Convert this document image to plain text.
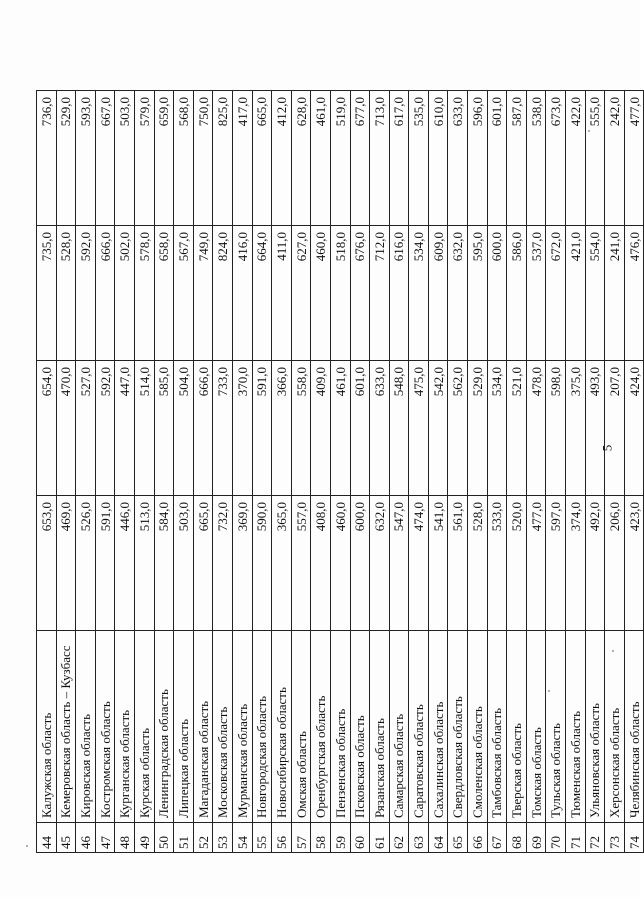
44	Калужская область	653,0	654,0	735,0	736,0
45	Кемеровская область – Кузбасс	469,0	470,0	528,0	529,0
46	Кировская область	526,0	527,0	592,0	593,0
47	Костромская область	591,0	592,0	666,0	667,0
48	Курганская область	446,0	447,0	502,0	503,0
49	Курская область	513,0	514,0	578,0	579,0
50	Ленинградская область	584,0	585,0	658,0	659,0
51	Липецкая область	503,0	504,0	567,0	568,0
52	Магаданская область	665,0	666,0	749,0	750,0
53	Московская область	732,0	733,0	824,0	825,0
54	Мурманская область	369,0	370,0	416,0	417,0
55	Новгородская область	590,0	591,0	664,0	665,0
56	Новосибирская область	365,0	366,0	411,0	412,0
57	Омская область	557,0	558,0	627,0	628,0
58	Оренбургская область	408,0	409,0	460,0	461,0
59	Пензенская область	460,0	461,0	518,0	519,0
60	Псковская область	600,0	601,0	676,0	677,0
61	Рязанская область	632,0	633,0	712,0	713,0
62	Самарская область	547,0	548,0	616,0	617,0
63	Саратовская область	474,0	475,0	534,0	535,0
64	Сахалинская область	541,0	542,0	609,0	610,0
65	Свердловская область	561,0	562,0	632,0	633,0
66	Смоленская область	528,0	529,0	595,0	596,0
67	Тамбовская область	533,0	534,0	600,0	601,0
68	Тверская область	520,0	521,0	586,0	587,0
69	Томская область	477,0	478,0	537,0	538,0
70	Тульская область	597,0	598,0	672,0	673,0
71	Тюменская область	374,0	375,0	421,0	422,0
72	Ульяновская область	492,0	493,0	554,0	555,0
73	Херсонская область	206,0	207,0	241,0	242,0
74	Челябинская область	423,0	424,0	476,0	477,0
5
